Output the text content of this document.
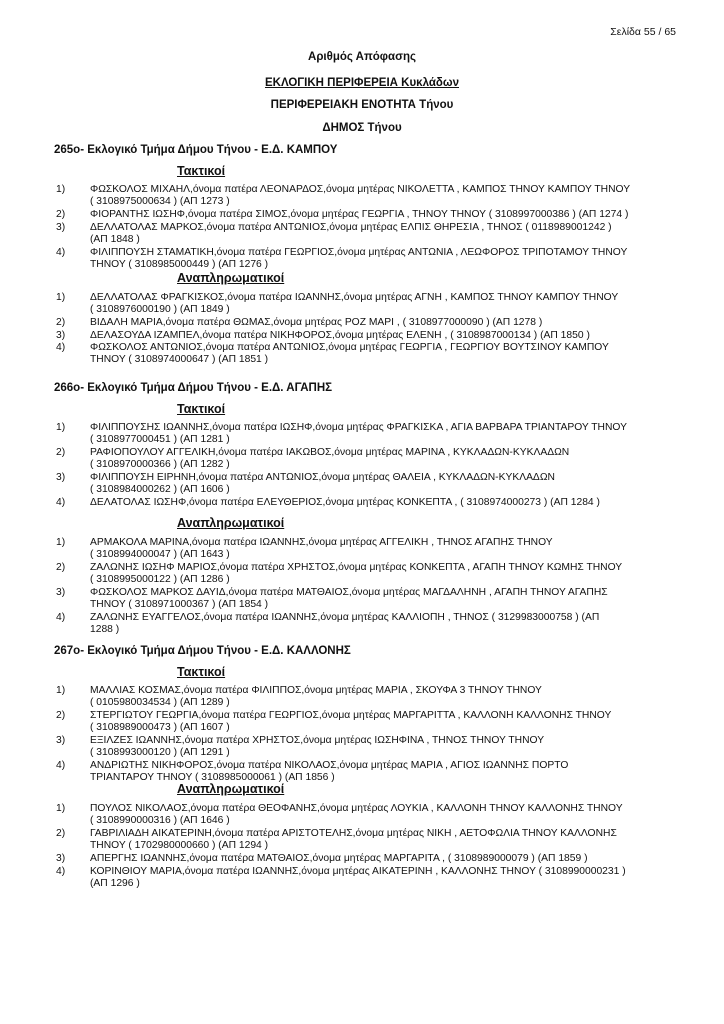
Σελίδα 55 / 65
Αριθμός Απόφασης
ΕΚΛΟΓΙΚΗ ΠΕΡΙΦΕΡΕΙΑ Κυκλάδων
ΠΕΡΙΦΕΡΕΙΑΚΗ ΕΝΟΤΗΤΑ Τήνου
ΔΗΜΟΣ Τήνου
265ο- Εκλογικό Τμήμα Δήμου Τήνου - Ε.Δ. ΚΑΜΠΟΥ
Τακτικοί
1) ΦΩΣΚΟΛΟΣ ΜΙΧΑΗΛ,όνομα πατέρα ΛΕΟΝΑΡΔΟΣ,όνομα μητέρας ΝΙΚΟΛΕΤΤΑ , ΚΑΜΠΟΣ ΤΗΝΟΥ ΚΑΜΠΟΥ ΤΗΝΟΥ
( 3108975000634 ) (ΑΠ 1273 )
2) ΦΙΟΡΑΝΤΗΣ ΙΩΣΗΦ,όνομα πατέρα ΣΙΜΟΣ,όνομα μητέρας ΓΕΩΡΓΙΑ , ΤΗΝΟΥ ΤΗΝΟΥ ( 3108997000386 ) (ΑΠ 1274 )
3) ΔΕΛΛΑΤΟΛΑΣ ΜΑΡΚΟΣ,όνομα πατέρα ΑΝΤΩΝΙΟΣ,όνομα μητέρας ΕΛΠΙΣ ΘΗΡΕΣΙΑ , ΤΗΝΟΣ ( 0118989001242 )
(ΑΠ 1848 )
4) ΦΙΛΙΠΠΟΥΣΗ ΣΤΑΜΑΤΙΚΗ,όνομα πατέρα ΓΕΩΡΓΙΟΣ,όνομα μητέρας ΑΝΤΩΝΙΑ , ΛΕΩΦΟΡΟΣ ΤΡΙΠΟΤΑΜΟΥ ΤΗΝΟΥ
ΤΗΝΟΥ ( 3108985000449 ) (ΑΠ 1276 )
Αναπληρωματικοί
1) ΔΕΛΛΑΤΟΛΑΣ ΦΡΑΓΚΙΣΚΟΣ,όνομα πατέρα ΙΩΑΝΝΗΣ,όνομα μητέρας ΑΓΝΗ , ΚΑΜΠΟΣ ΤΗΝΟΥ ΚΑΜΠΟΥ ΤΗΝΟΥ
( 3108976000190 ) (ΑΠ 1849 )
2) ΒΙΔΑΛΗ ΜΑΡΙΑ,όνομα πατέρα ΘΩΜΑΣ,όνομα μητέρας ΡΟΖ ΜΑΡΙ , ( 3108977000090 ) (ΑΠ 1278 )
3) ΔΕΛΑΣΟΥΔΑ ΙΖΑΜΠΕΛ,όνομα πατέρα ΝΙΚΗΦΟΡΟΣ,όνομα μητέρας ΕΛΕΝΗ , ( 3108987000134 ) (ΑΠ 1850 )
4) ΦΩΣΚΟΛΟΣ ΑΝΤΩΝΙΟΣ,όνομα πατέρα ΑΝΤΩΝΙΟΣ,όνομα μητέρας ΓΕΩΡΓΙΑ , ΓΕΩΡΓΙΟΥ ΒΟΥΤΣΙΝΟΥ ΚΑΜΠΟΥ
ΤΗΝΟΥ ( 3108974000647 ) (ΑΠ 1851 )
266ο- Εκλογικό Τμήμα Δήμου Τήνου - Ε.Δ. ΑΓΑΠΗΣ
Τακτικοί
1) ΦΙΛΙΠΠΟΥΣΗΣ ΙΩΑΝΝΗΣ,όνομα πατέρα ΙΩΣΗΦ,όνομα μητέρας ΦΡΑΓΚΙΣΚΑ , ΑΓΙΑ ΒΑΡΒΑΡΑ ΤΡΙΑΝΤΑΡΟΥ ΤΗΝΟΥ
( 3108977000451 ) (ΑΠ 1281 )
2) ΡΑΦΙΟΠΟΥΛΟΥ ΑΓΓΕΛΙΚΗ,όνομα πατέρα ΙΑΚΩΒΟΣ,όνομα μητέρας ΜΑΡΙΝΑ , ΚΥΚΛΑΔΩΝ-ΚΥΚΛΑΔΩΝ
( 3108970000366 ) (ΑΠ 1282 )
3) ΦΙΛΙΠΠΟΥΣΗ ΕΙΡΗΝΗ,όνομα πατέρα ΑΝΤΩΝΙΟΣ,όνομα μητέρας ΘΑΛΕΙΑ , ΚΥΚΛΑΔΩΝ-ΚΥΚΛΑΔΩΝ
( 3108984000262 ) (ΑΠ 1606 )
4) ΔΕΛΑΤΟΛΑΣ ΙΩΣΗΦ,όνομα πατέρα ΕΛΕΥΘΕΡΙΟΣ,όνομα μητέρας ΚΟΝΚΕΠΤΑ , ( 3108974000273 ) (ΑΠ 1284 )
Αναπληρωματικοί
1) ΑΡΜΑΚΟΛΑ ΜΑΡΙΝΑ,όνομα πατέρα ΙΩΑΝΝΗΣ,όνομα μητέρας ΑΓΓΕΛΙΚΗ , ΤΗΝΟΣ ΑΓΑΠΗΣ ΤΗΝΟΥ
( 3108994000047 ) (ΑΠ 1643 )
2) ΖΑΛΩΝΗΣ ΙΩΣΗΦ ΜΑΡΙΟΣ,όνομα πατέρα ΧΡΗΣΤΟΣ,όνομα μητέρας ΚΟΝΚΕΠΤΑ , ΑΓΑΠΗ ΤΗΝΟΥ ΚΩΜΗΣ ΤΗΝΟΥ
( 3108995000122 ) (ΑΠ 1286 )
3) ΦΩΣΚΟΛΟΣ ΜΑΡΚΟΣ ΔΑΥΙΔ,όνομα πατέρα ΜΑΤΘΑΙΟΣ,όνομα μητέρας ΜΑΓΔΑΛΗΝΗ , ΑΓΑΠΗ ΤΗΝΟΥ ΑΓΑΠΗΣ
ΤΗΝΟΥ ( 3108971000367 ) (ΑΠ 1854 )
4) ΖΑΛΩΝΗΣ ΕΥΑΓΓΕΛΟΣ,όνομα πατέρα ΙΩΑΝΝΗΣ,όνομα μητέρας ΚΑΛΛΙΟΠΗ , ΤΗΝΟΣ ( 3129983000758 ) (ΑΠ
1288 )
267ο- Εκλογικό Τμήμα Δήμου Τήνου - Ε.Δ. ΚΑΛΛΟΝΗΣ
Τακτικοί
1) ΜΑΛΛΙΑΣ ΚΟΣΜΑΣ,όνομα πατέρα ΦΙΛΙΠΠΟΣ,όνομα μητέρας ΜΑΡΙΑ , ΣΚΟΥΦΑ 3 ΤΗΝΟΥ ΤΗΝΟΥ
( 0105980034534 ) (ΑΠ 1289 )
2) ΣΤΕΡΓΙΩΤΟΥ ΓΕΩΡΓΙΑ,όνομα πατέρα ΓΕΩΡΓΙΟΣ,όνομα μητέρας ΜΑΡΓΑΡΙΤΤΑ , ΚΑΛΛΟΝΗ ΚΑΛΛΟΝΗΣ ΤΗΝΟΥ
( 3108989000473 ) (ΑΠ 1607 )
3) ΕΞΙΛΖΕΣ ΙΩΑΝΝΗΣ,όνομα πατέρα ΧΡΗΣΤΟΣ,όνομα μητέρας ΙΩΣΗΦΙΝΑ , ΤΗΝΟΣ ΤΗΝΟΥ ΤΗΝΟΥ
( 3108993000120 ) (ΑΠ 1291 )
4) ΑΝΔΡΙΩΤΗΣ ΝΙΚΗΦΟΡΟΣ,όνομα πατέρα ΝΙΚΟΛΑΟΣ,όνομα μητέρας ΜΑΡΙΑ , ΑΓΙΟΣ ΙΩΑΝΝΗΣ ΠΟΡΤΟ
ΤΡΙΑΝΤΑΡΟΥ ΤΗΝΟΥ ( 3108985000061 ) (ΑΠ 1856 )
Αναπληρωματικοί
1) ΠΟΥΛΟΣ ΝΙΚΟΛΑΟΣ,όνομα πατέρα ΘΕΟΦΑΝΗΣ,όνομα μητέρας ΛΟΥΚΙΑ , ΚΑΛΛΟΝΗ ΤΗΝΟΥ ΚΑΛΛΟΝΗΣ ΤΗΝΟΥ
( 3108990000316 ) (ΑΠ 1646 )
2) ΓΑΒΡΙΛΙΑΔΗ ΑΙΚΑΤΕΡΙΝΗ,όνομα πατέρα ΑΡΙΣΤΟΤΕΛΗΣ,όνομα μητέρας ΝΙΚΗ , ΑΕΤΟΦΩΛΙΑ ΤΗΝΟΥ ΚΑΛΛΟΝΗΣ
ΤΗΝΟΥ ( 1702980000660 ) (ΑΠ 1294 )
3) ΑΠΕΡΓΗΣ ΙΩΑΝΝΗΣ,όνομα πατέρα ΜΑΤΘΑΙΟΣ,όνομα μητέρας ΜΑΡΓΑΡΙΤΑ , ( 3108989000079 ) (ΑΠ 1859 )
4) ΚΟΡΙΝΘΙΟΥ ΜΑΡΙΑ,όνομα πατέρα ΙΩΑΝΝΗΣ,όνομα μητέρας ΑΙΚΑΤΕΡΙΝΗ , ΚΑΛΛΟΝΗΣ ΤΗΝΟΥ ( 3108990000231 )
(ΑΠ 1296 )
